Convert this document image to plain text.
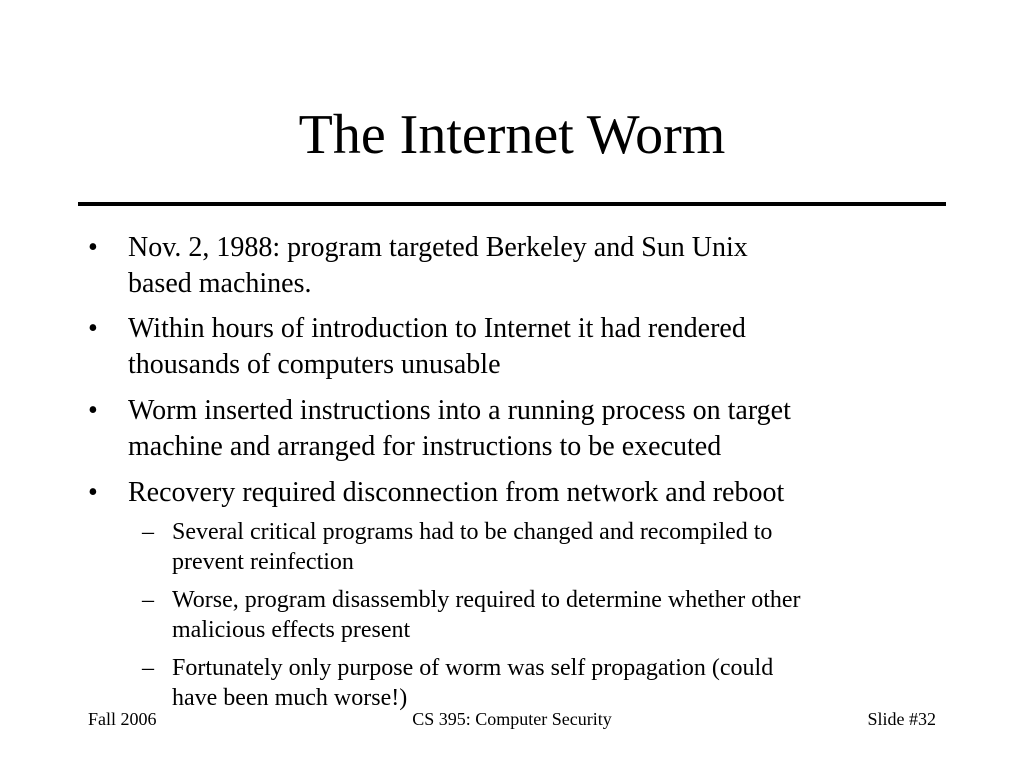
The Internet Worm
• Nov. 2, 1988: program targeted Berkeley and Sun Unix
based machines.
• Within hours of introduction to Internet it had rendered
thousands of computers unusable
• Worm inserted instructions into a running process on target
machine and arranged for instructions to be executed
• Recovery required disconnection from network and reboot
– Several critical programs had to be changed and recompiled to
prevent reinfection
– Worse, program disassembly required to determine whether other
malicious effects present
– Fortunately only purpose of worm was self propagation (could
have been much worse!)
Fall 2006	CS 395: Computer Security	Slide #32
